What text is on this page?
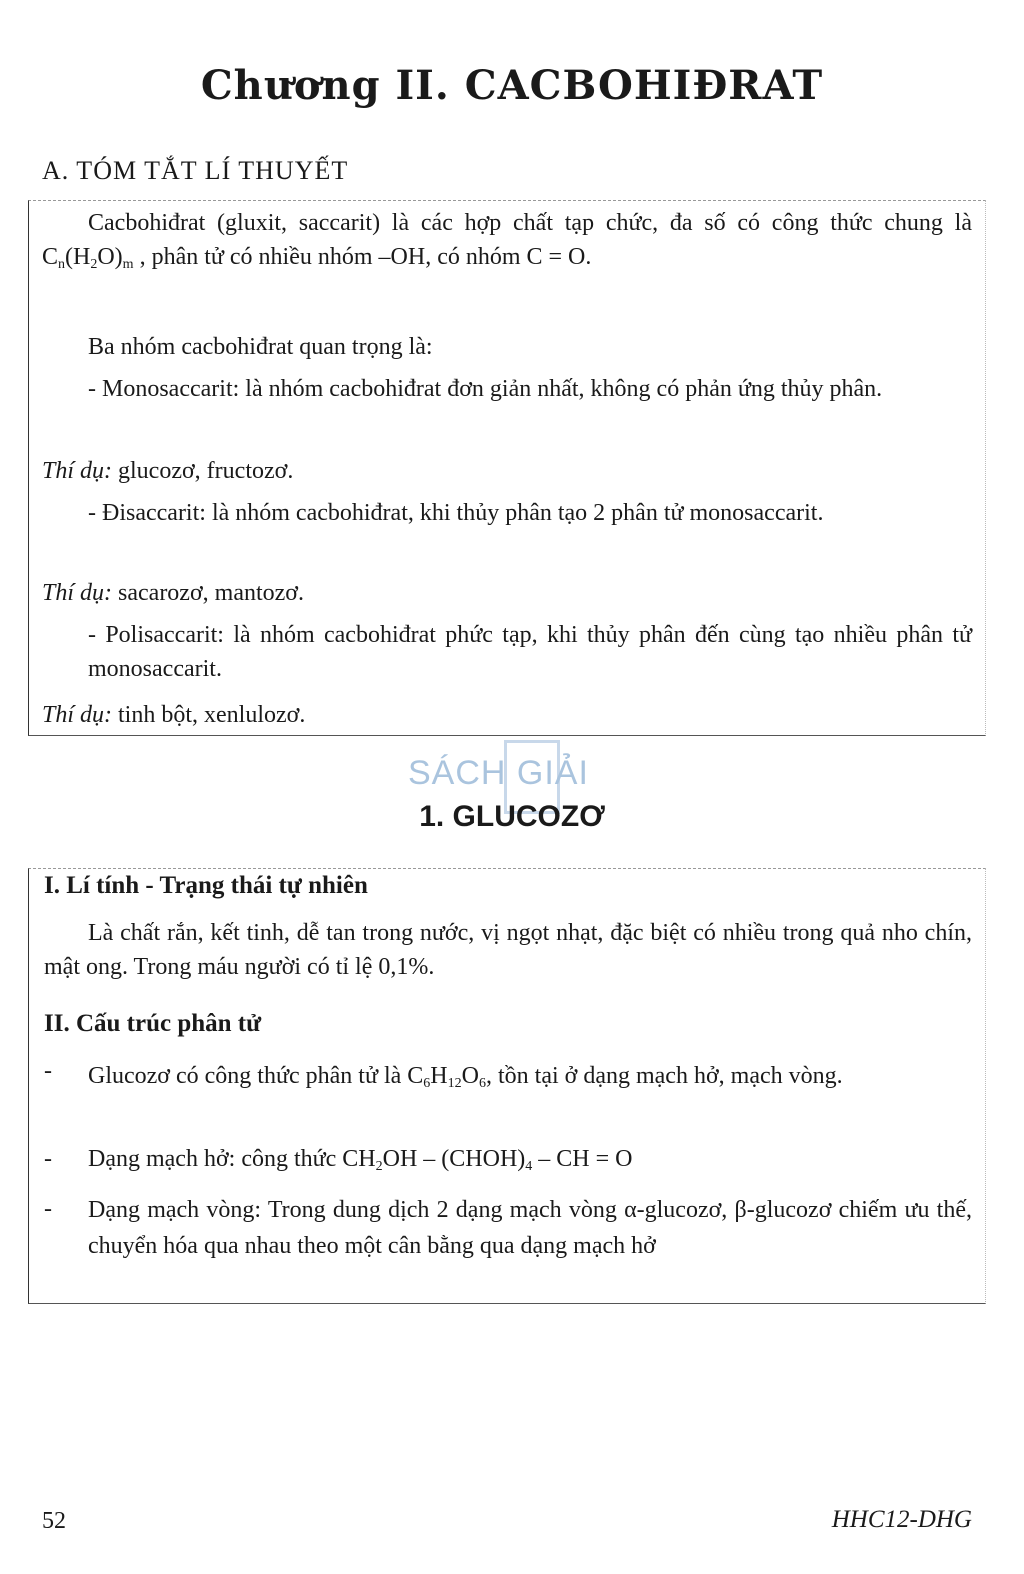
Chương II. CACBOHIĐRAT
A. TÓM TẮT LÍ THUYẾT

Cacbohiđrat (gluxit, saccarit) là các hợp chất tạp chức, đa số có công thức chung là $C_n(H_2O)_m$ , phân tử có nhiều nhóm –OH, có nhóm C = O.

Ba nhóm cacbohiđrat quan trọng là:

- Monosaccarit: là nhóm cacbohiđrat đơn giản nhất, không có phản ứng thủy phân.

Thí dụ: glucozơ, fructozơ.

- Đisaccarit: là nhóm cacbohiđrat, khi thủy phân tạo 2 phân tử monosaccarit.

Thí dụ: sacarozơ, mantozơ.

- Polisaccarit: là nhóm cacbohiđrat phức tạp, khi thủy phân đến cùng tạo nhiều phân tử monosaccarit.

Thí dụ: tinh bột, xenlulozơ.

SÁCH GIẢI
1. GLUCOZƠ
I. Lí tính - Trạng thái tự nhiên

Là chất rắn, kết tinh, dễ tan trong nước, vị ngọt nhạt, đặc biệt có nhiều trong quả nho chín, mật ong. Trong máu người có tỉ lệ 0,1%.

II. Cấu trúc phân tử
- Glucozơ có công thức phân tử là $C_6H_{12}O_6$, tồn tại ở dạng mạch hở, mạch vòng.

- Dạng mạch hở: công thức $CH_2OH$ – $(CHOH)_4$ – CH = O

- Dạng mạch vòng: Trong dung dịch 2 dạng mạch vòng α-glucozơ, β-glucozơ chiếm ưu thế, chuyển hóa qua nhau theo một cân bằng qua dạng mạch hở

52	HHC12-DHG
